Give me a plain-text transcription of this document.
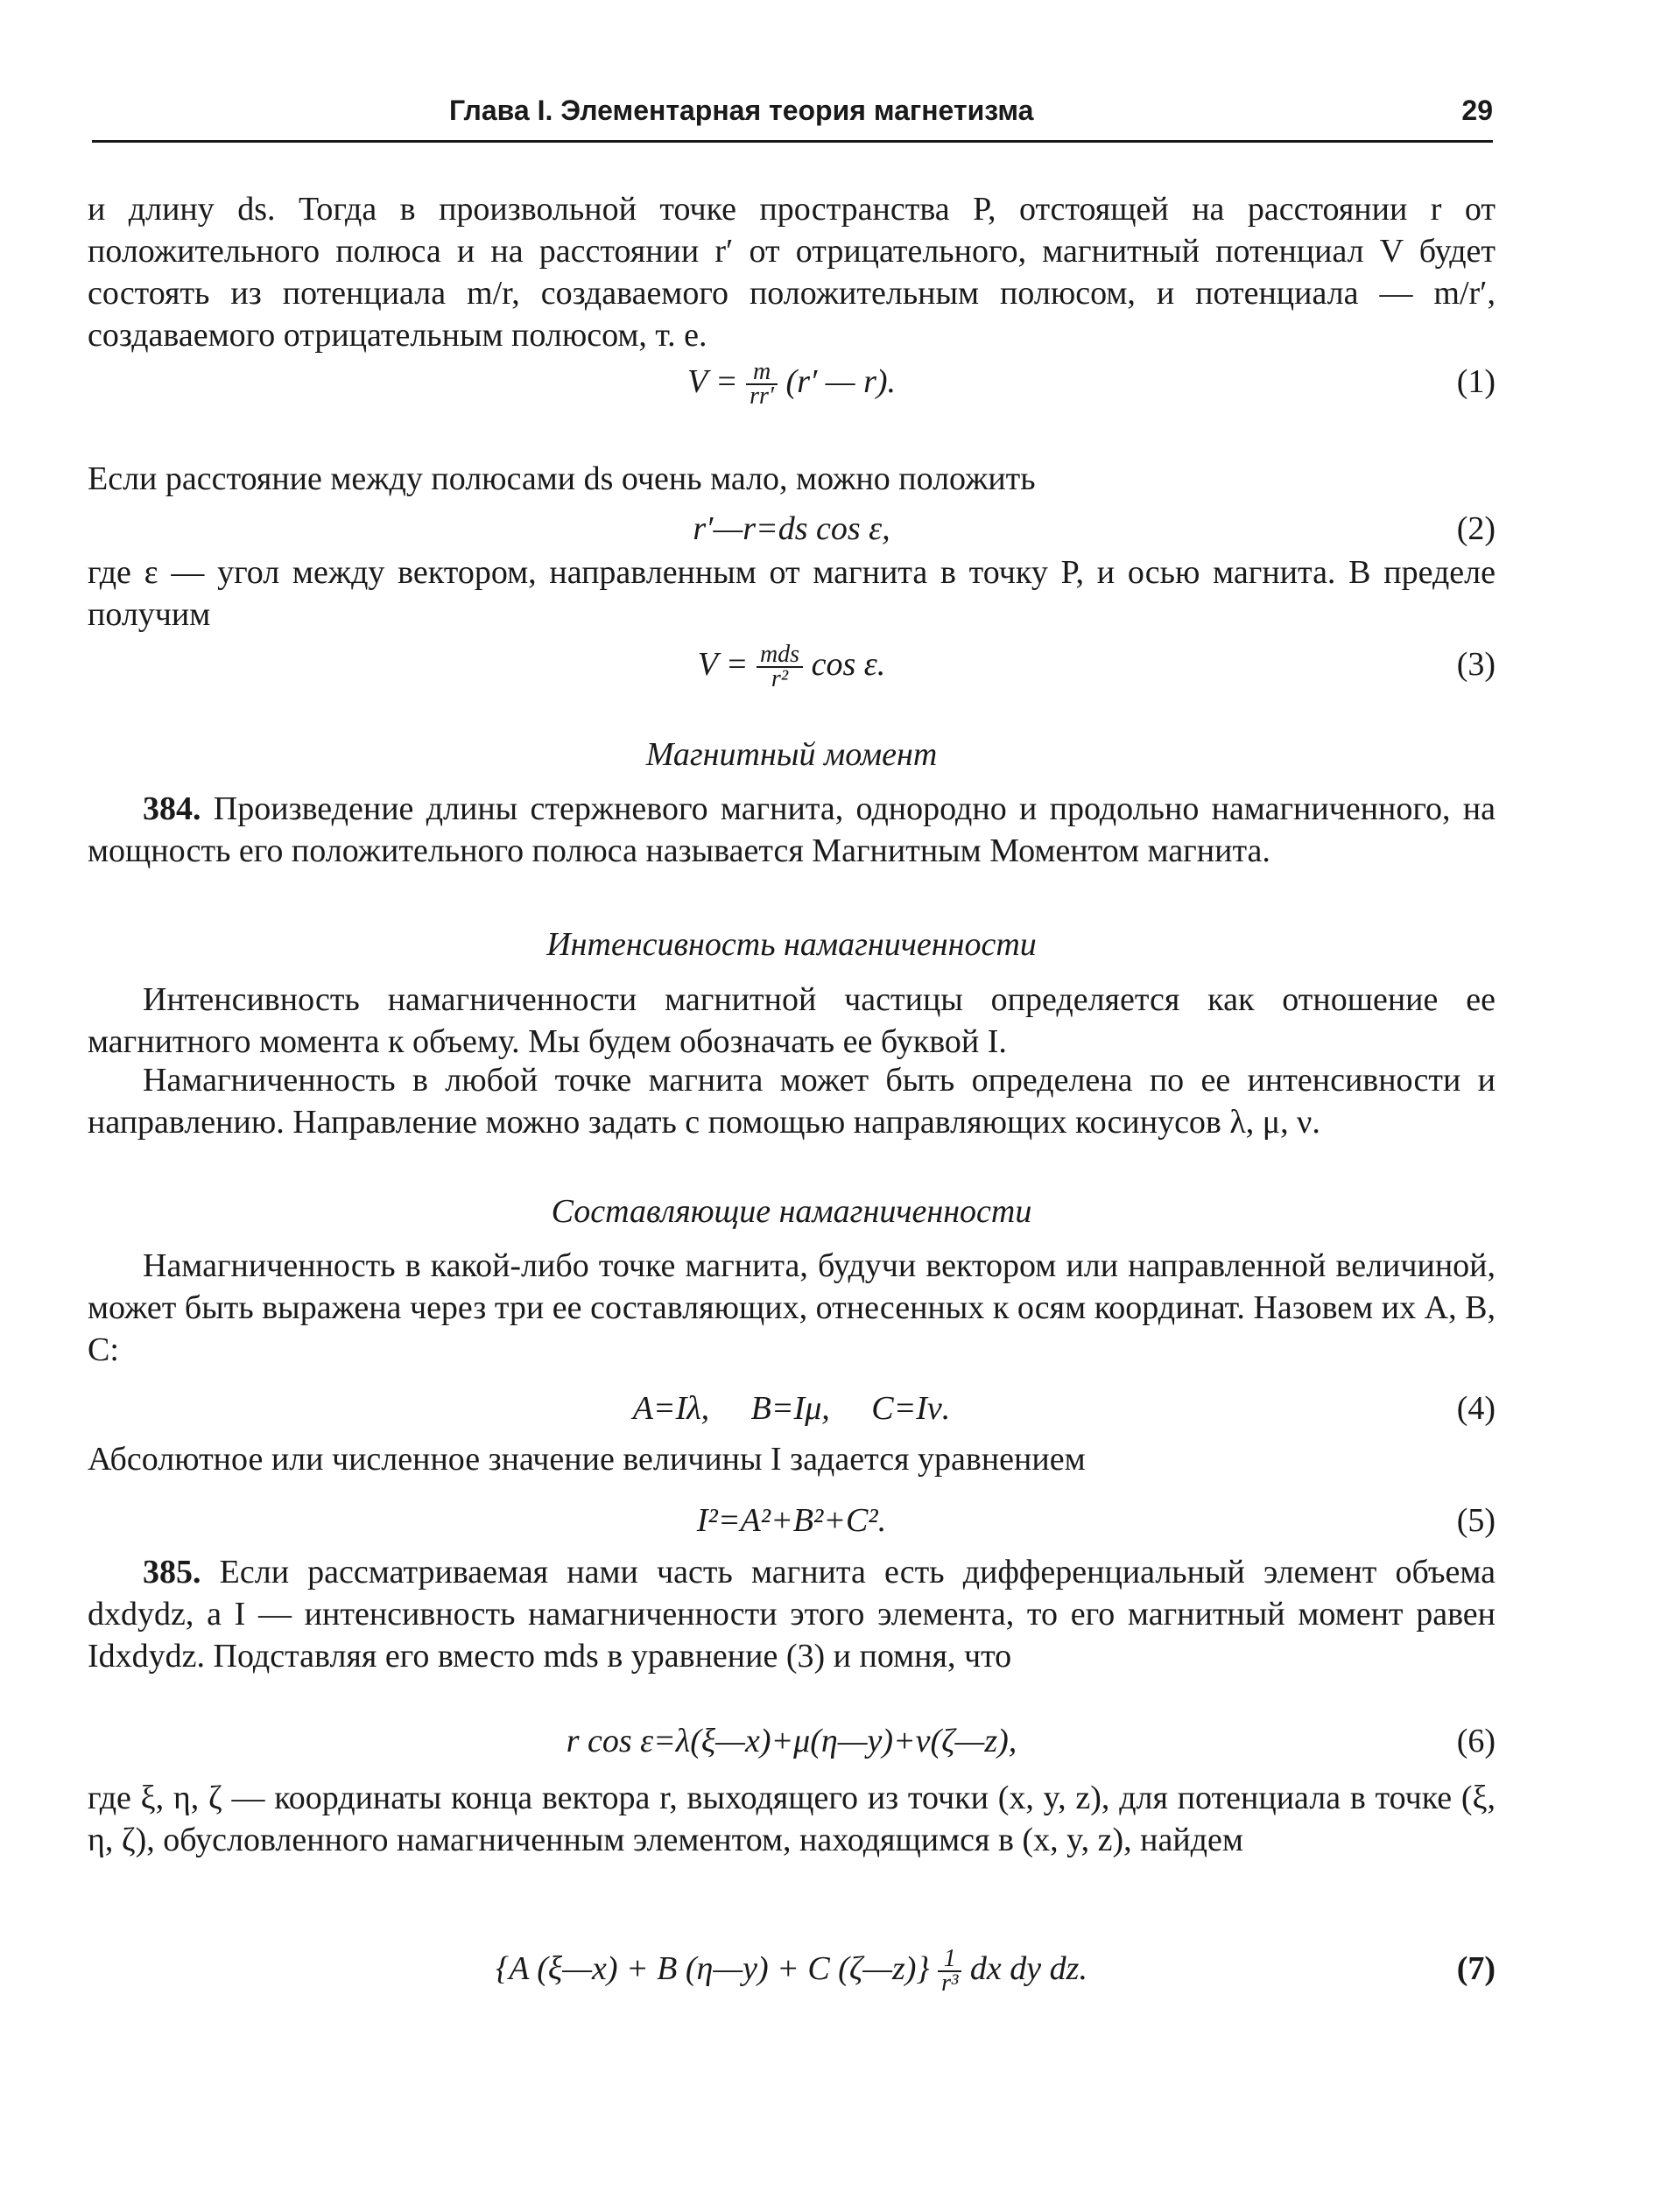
Глава I. Элементарная теория магнетизма	29

и длину ds. Тогда в произвольной точке пространства P, отстоящей на расстоянии r от положительного полюса и на расстоянии r′ от отрицательного, магнитный потенциал V будет состоять из потенциала m/r, создаваемого положительным полюсом, и потенциала — m/r′, создаваемого отрицательным полюсом, т. е.

$V = \frac{m}{rr'} (r'$ — r).	(1)

Если расстояние между полюсами ds очень мало, можно положить

r′—r=ds cos ε,	(2)

где ε — угол между вектором, направленным от магнита в точку P, и осью магнита. В пределе получим

$V = \frac{\text{mds}}{\text{r²}}$ cos ε.	(3)

Магнитный момент

384. Произведение длины стержневого магнита, однородно и продольно намагниченного, на мощность его положительного полюса называется Магнитным Моментом магнита.

Интенсивность намагниченности

Интенсивность намагниченности магнитной частицы определяется как отношение ее магнитного момента к объему. Мы будем обозначать ее буквой I.

Намагниченность в любой точке магнита может быть определена по ее интенсивности и направлению. Направление можно задать с помощью направляющих косинусов λ, μ, ν.

Составляющие намагниченности

Намагниченность в какой-либо точке магнита, будучи вектором или направленной величиной, может быть выражена через три ее составляющих, отнесенных к осям координат. Назовем их A, B, C:

A=Iλ,     B=Iμ,     C=Iν.	(4)

Абсолютное или численное значение величины I задается уравнением

I²=A²+B²+C².	(5)

385. Если рассматриваемая нами часть магнита есть дифференциальный элемент объема dxdydz, а I — интенсивность намагниченности этого элемента, то его магнитный момент равен Idxdydz. Подставляя его вместо mds в уравнение (3) и помня, что

r cos ε=λ(ξ—x)+μ(η—y)+ν(ζ—z),	(6)

где ξ, η, ζ — координаты конца вектора r, выходящего из точки (x, y, z), для потенциала в точке (ξ, η, ζ), обусловленного намагниченным элементом, находящимся в (x, y, z), найдем

{A (ξ—x) + B (η—y) + C (ζ—z)} $\frac{1}{\text{r³}}$ dx dy dz.	(7)
